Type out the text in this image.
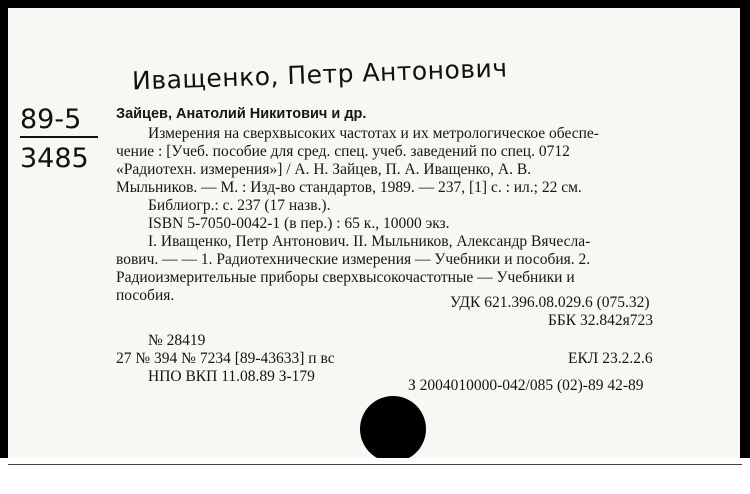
Иващенко, Петр Антонович
89-5
3485
Зайцев, Анатолий Никитович и др.
Измерения на сверхвысоких частотах и их метрологическое обеспе-
чение : [Учеб. пособие для сред. спец. учеб. заведений по спец. 0712
«Радиотехн. измерения»] / А. Н. Зайцев, П. А. Иващенко, А. В.
Мыльников. — М. : Изд-во стандартов, 1989. — 237, [1] с. : ил.; 22 см.
Библиогр.: с. 237 (17 назв.).
ISBN 5-7050-0042-1 (в пер.) : 65 к., 10000 экз.
I. Иващенко, Петр Антонович. II. Мыльников, Александр Вячесла-
вович. — — 1. Радиотехнические измерения — Учебники и пособия. 2.
Радиоизмерительные приборы сверхвысокочастотные — Учебники и
пособия.	УДК 621.396.08.029.6 (075.32)
ББК 32.842я723
№ 28419
27 № 394 № 7234 [89-43633] п вс	ЕКЛ 23.2.2.6
НПО ВКП 11.08.89 З-179
З 2004010000-042/085 (02)-89 42-89
